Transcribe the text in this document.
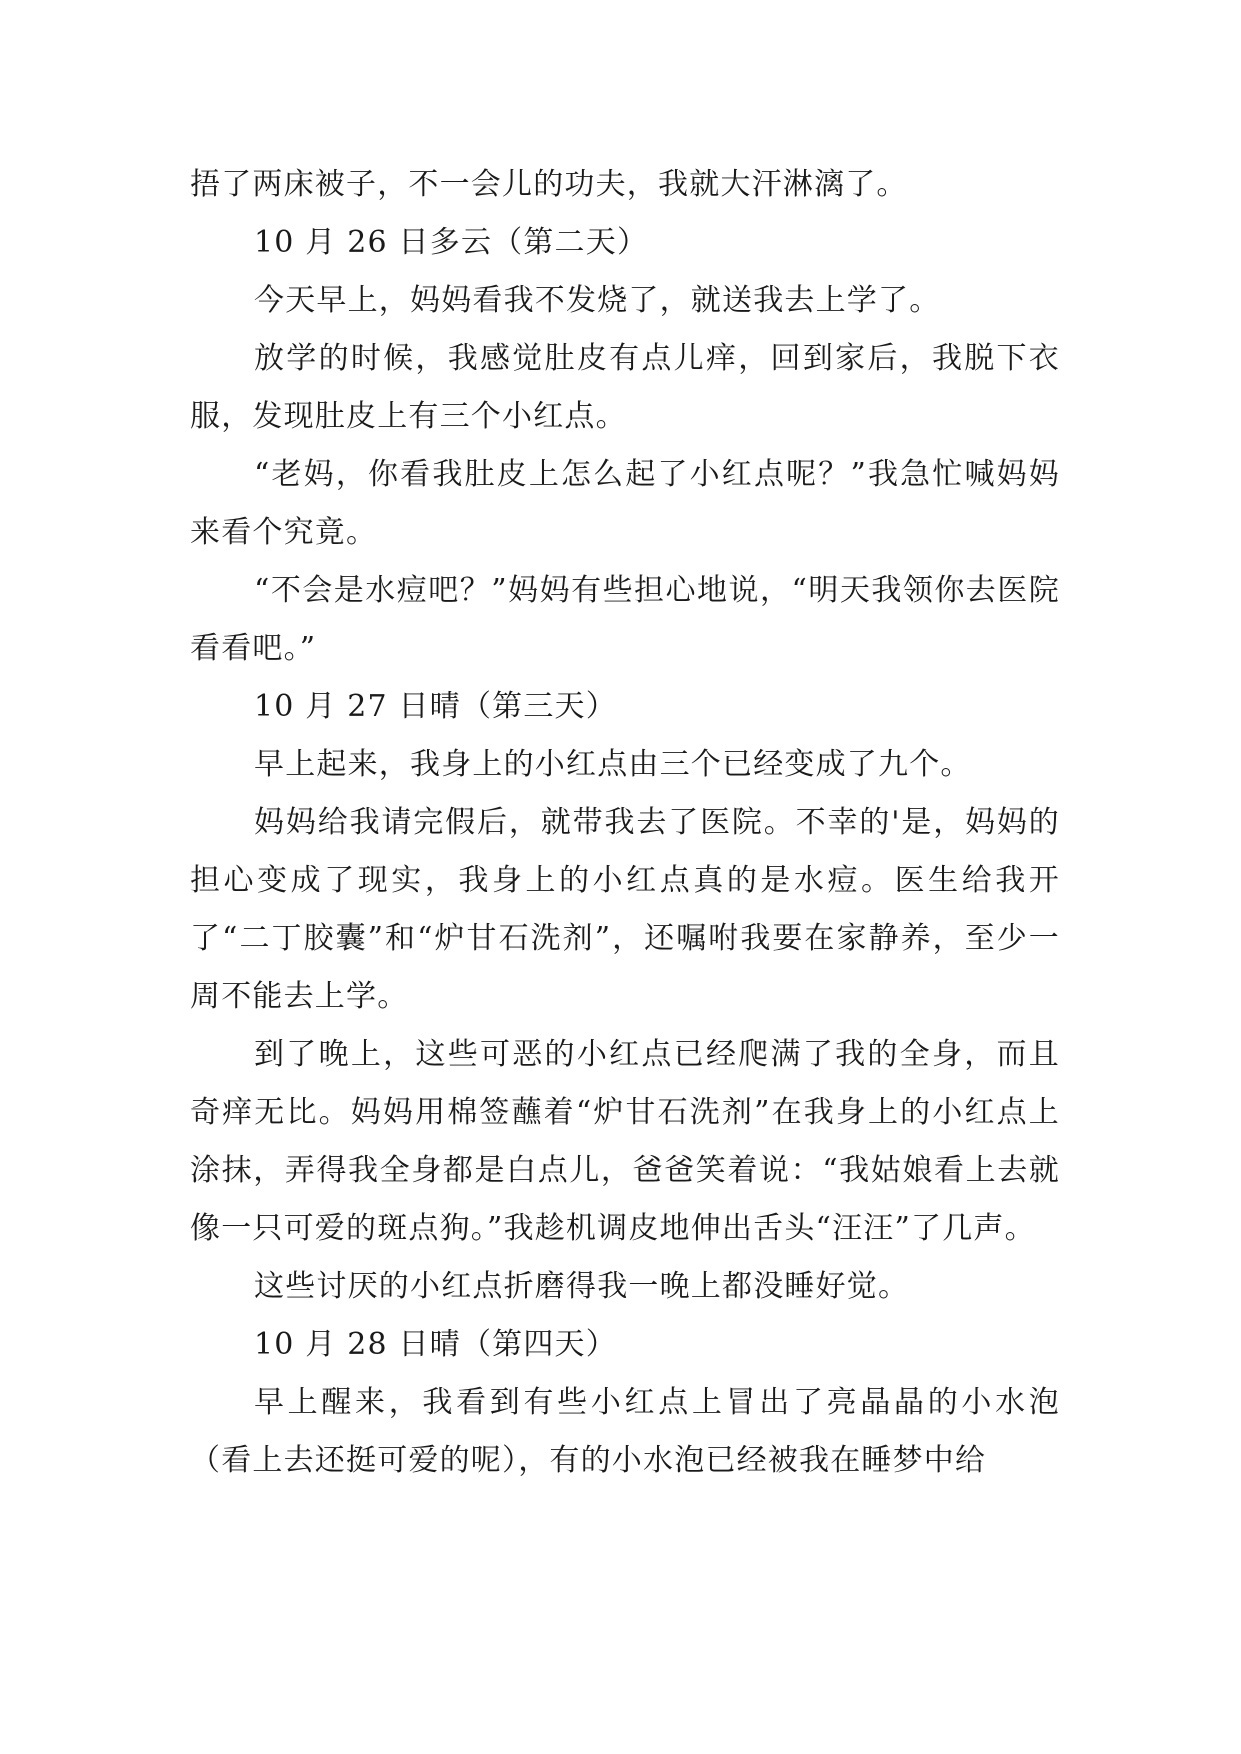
捂了两床被子，不一会儿的功夫，我就大汗淋漓了。

10 月 26 日多云（第二天）

今天早上，妈妈看我不发烧了，就送我去上学了。

放学的时候，我感觉肚皮有点儿痒，回到家后，我脱下衣服，发现肚皮上有三个小红点。

“老妈，你看我肚皮上怎么起了小红点呢？”我急忙喊妈妈来看个究竟。

“不会是水痘吧？”妈妈有些担心地说，“明天我领你去医院看看吧。”

10 月 27 日晴（第三天）

早上起来，我身上的小红点由三个已经变成了九个。

妈妈给我请完假后，就带我去了医院。不幸的'是，妈妈的担心变成了现实，我身上的小红点真的是水痘。医生给我开了“二丁胶囊”和“炉甘石洗剂”，还嘱咐我要在家静养，至少一周不能去上学。

到了晚上，这些可恶的小红点已经爬满了我的全身，而且奇痒无比。妈妈用棉签蘸着“炉甘石洗剂”在我身上的小红点上涂抹，弄得我全身都是白点儿，爸爸笑着说：“我姑娘看上去就像一只可爱的斑点狗。”我趁机调皮地伸出舌头“汪汪”了几声。

这些讨厌的小红点折磨得我一晚上都没睡好觉。

10 月 28 日晴（第四天）

早上醒来，我看到有些小红点上冒出了亮晶晶的小水泡（看上去还挺可爱的呢），有的小水泡已经被我在睡梦中给
